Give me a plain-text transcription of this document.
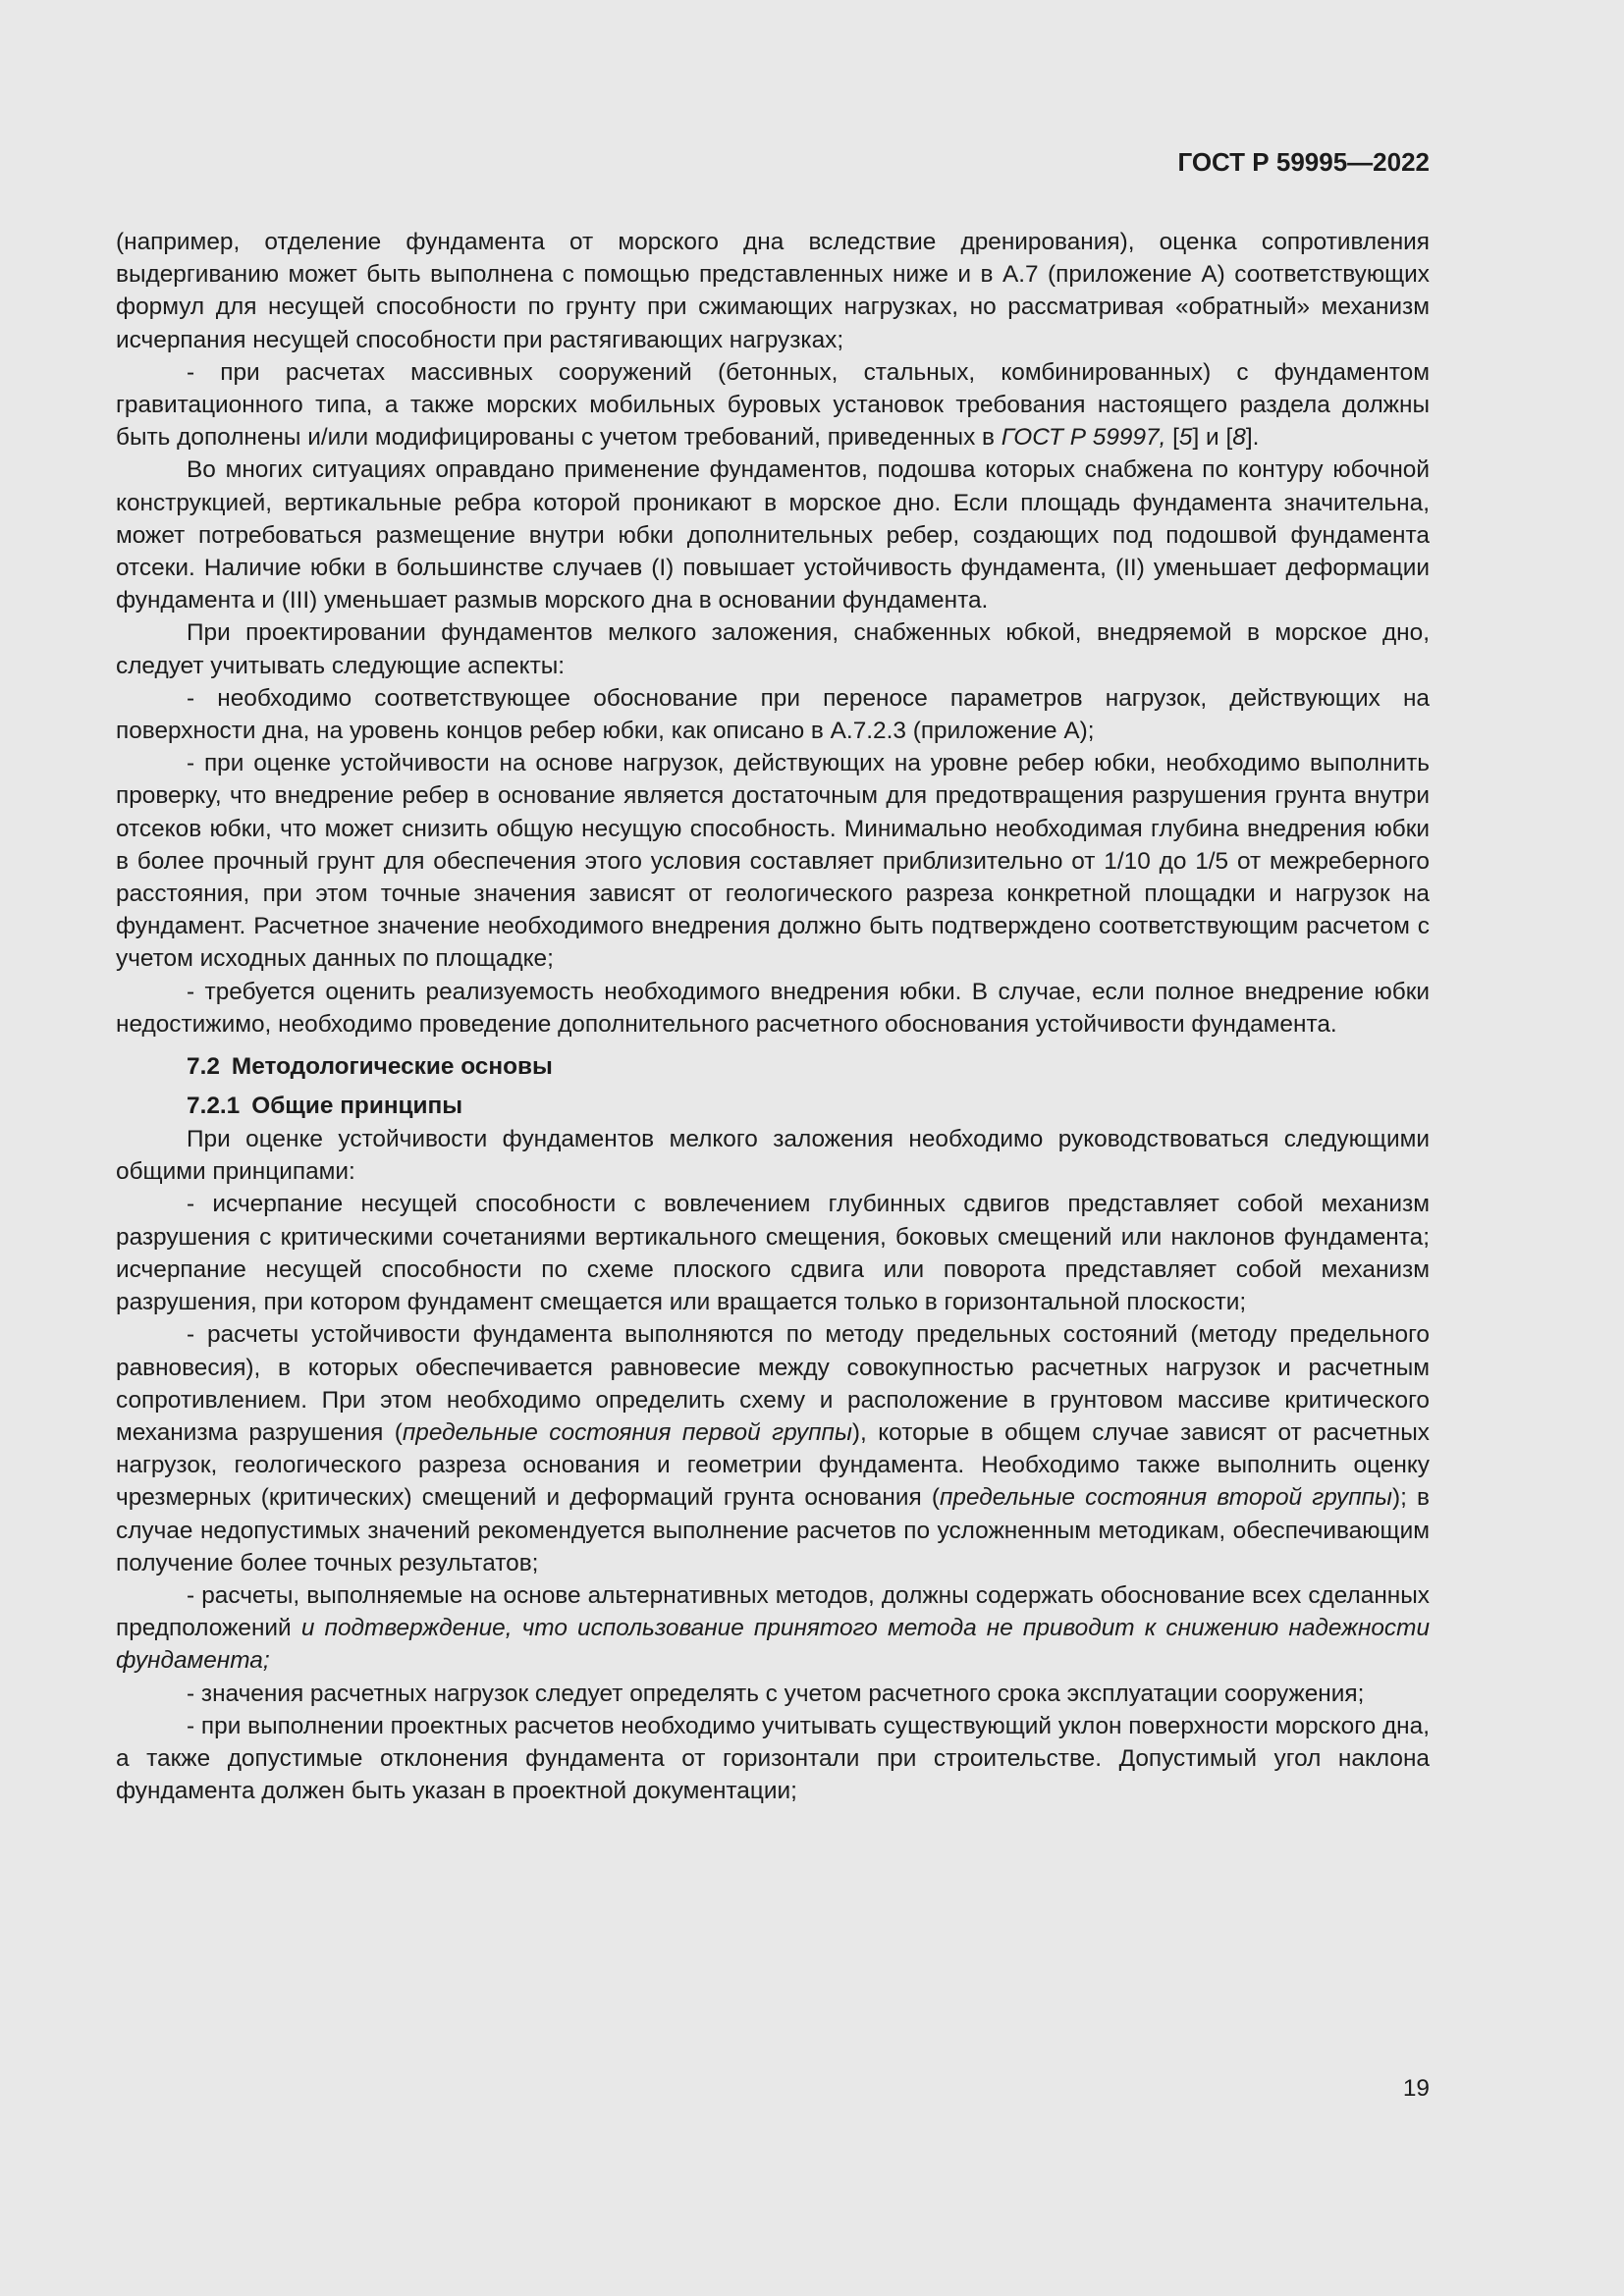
ГОСТ Р 59995—2022

(например, отделение фундамента от морского дна вследствие дренирования), оценка сопротивления выдергиванию может быть выполнена с помощью представленных ниже и в А.7 (приложение А) соответствующих формул для несущей способности по грунту при сжимающих нагрузках, но рассматривая «обратный» механизм исчерпания несущей способности при растягивающих нагрузках;

- при расчетах массивных сооружений (бетонных, стальных, комбинированных) с фундаментом гравитационного типа, а также морских мобильных буровых установок требования настоящего раздела должны быть дополнены и/или модифицированы с учетом требований, приведенных в ГОСТ Р 59997, [5] и [8].

Во многих ситуациях оправдано применение фундаментов, подошва которых снабжена по контуру юбочной конструкцией, вертикальные ребра которой проникают в морское дно. Если площадь фундамента значительна, может потребоваться размещение внутри юбки дополнительных ребер, создающих под подошвой фундамента отсеки. Наличие юбки в большинстве случаев (I) повышает устойчивость фундамента, (II) уменьшает деформации фундамента и (III) уменьшает размыв морского дна в основании фундамента.

При проектировании фундаментов мелкого заложения, снабженных юбкой, внедряемой в морское дно, следует учитывать следующие аспекты:

- необходимо соответствующее обоснование при переносе параметров нагрузок, действующих на поверхности дна, на уровень концов ребер юбки, как описано в А.7.2.3 (приложение А);

- при оценке устойчивости на основе нагрузок, действующих на уровне ребер юбки, необходимо выполнить проверку, что внедрение ребер в основание является достаточным для предотвращения разрушения грунта внутри отсеков юбки, что может снизить общую несущую способность. Минимально необходимая глубина внедрения юбки в более прочный грунт для обеспечения этого условия составляет приблизительно от 1/10 до 1/5 от межреберного расстояния, при этом точные значения зависят от геологического разреза конкретной площадки и нагрузок на фундамент. Расчетное значение необходимого внедрения должно быть подтверждено соответствующим расчетом с учетом исходных данных по площадке;

- требуется оценить реализуемость необходимого внедрения юбки. В случае, если полное внедрение юбки недостижимо, необходимо проведение дополнительного расчетного обоснования устойчивости фундамента.

7.2 Методологические основы
7.2.1 Общие принципы

При оценке устойчивости фундаментов мелкого заложения необходимо руководствоваться следующими общими принципами:

- исчерпание несущей способности с вовлечением глубинных сдвигов представляет собой механизм разрушения с критическими сочетаниями вертикального смещения, боковых смещений или наклонов фундамента; исчерпание несущей способности по схеме плоского сдвига или поворота представляет собой механизм разрушения, при котором фундамент смещается или вращается только в горизонтальной плоскости;

- расчеты устойчивости фундамента выполняются по методу предельных состояний (методу предельного равновесия), в которых обеспечивается равновесие между совокупностью расчетных нагрузок и расчетным сопротивлением. При этом необходимо определить схему и расположение в грунтовом массиве критического механизма разрушения (предельные состояния первой группы), которые в общем случае зависят от расчетных нагрузок, геологического разреза основания и геометрии фундамента. Необходимо также выполнить оценку чрезмерных (критических) смещений и деформаций грунта основания (предельные состояния второй группы); в случае недопустимых значений рекомендуется выполнение расчетов по усложненным методикам, обеспечивающим получение более точных результатов;

- расчеты, выполняемые на основе альтернативных методов, должны содержать обоснование всех сделанных предположений и подтверждение, что использование принятого метода не приводит к снижению надежности фундамента;

- значения расчетных нагрузок следует определять с учетом расчетного срока эксплуатации сооружения;

- при выполнении проектных расчетов необходимо учитывать существующий уклон поверхности морского дна, а также допустимые отклонения фундамента от горизонтали при строительстве. Допустимый угол наклона фундамента должен быть указан в проектной документации;

19
